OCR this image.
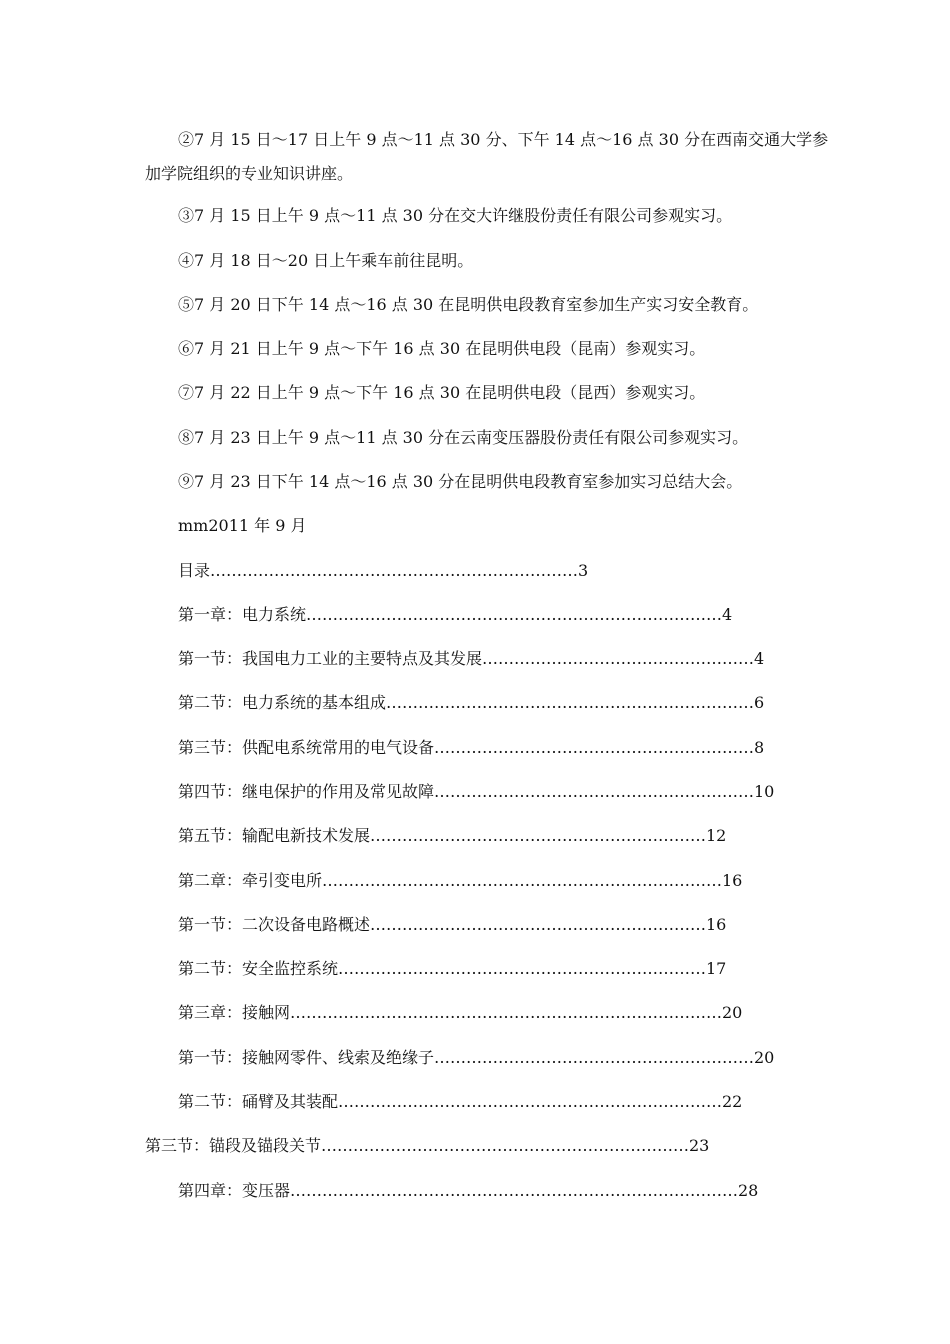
②7 月 15 日～17 日上午 9 点～11 点 30 分、下午 14 点～16 点 30 分在西南交通大学参
加学院组织的专业知识讲座。
③7 月 15 日上午 9 点～11 点 30 分在交大许继股份责任有限公司参观实习。
④7 月 18 日～20 日上午乘车前往昆明。
⑤7 月 20 日下午 14 点～16 点 30 在昆明供电段教育室参加生产实习安全教育。
⑥7 月 21 日上午 9 点～下午 16 点 30 在昆明供电段（昆南）参观实习。
⑦7 月 22 日上午 9 点～下午 16 点 30 在昆明供电段（昆西）参观实习。
⑧7 月 23 日上午 9 点～11 点 30 分在云南变压器股份责任有限公司参观实习。
⑨7 月 23 日下午 14 点～16 点 30 分在昆明供电段教育室参加实习总结大会。
mm2011 年 9 月
目录……………………………………………………………3
第一章：电力系统……………………………………………………………………4
第一节：我国电力工业的主要特点及其发展……………………………………………4
第二节：电力系统的基本组成……………………………………………………………6
第三节：供配电系统常用的电气设备……………………………………………………8
第四节：继电保护的作用及常见故障……………………………………………………10
第五节：输配电新技术发展………………………………………………………12
第二章：牵引变电所…………………………………………………………………16
第一节：二次设备电路概述………………………………………………………16
第二节：安全监控系统……………………………………………………………17
第三章：接触网………………………………………………………………………20
第一节：接触网零件、线索及绝缘子……………………………………………………20
第二节：硧臂及其装配………………………………………………………………22
第三节：锚段及锚段关节……………………………………………………………23
第四章：变压器…………………………………………………………………………28
